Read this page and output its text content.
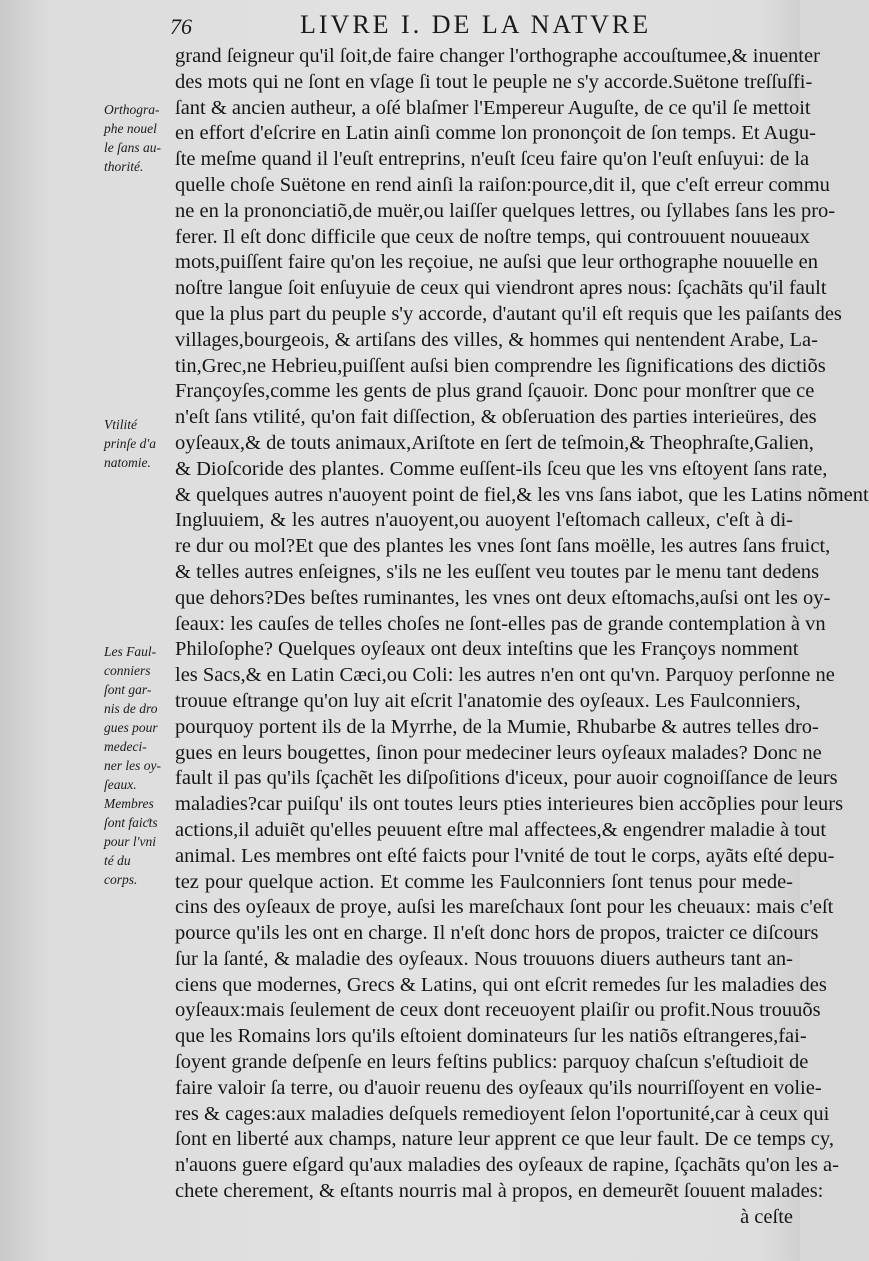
76	LIVRE I. DE LA NATVRE
Orthogra-
phe nouel
le ſans au-
thorité.
Vtilité
prinſe d'a
natomie.
Les Faul-
conniers
ſont gar-
nis de dro
gues pour
medeci-
ner les oy-
ſeaux.
Membres
ſont faiƈts
pour l'vni
té du
corps.
grand ſeigneur qu'il ſoit,de faire changer l'orthographe accouſtumee,& inuenter
des mots qui ne ſont en vſage ſi tout le peuple ne s'y accorde.Suëtone treſſuſfi-
ſant & ancien autheur, a oſé blaſmer l'Empereur Auguſte, de ce qu'il ſe mettoit
en effort d'eſcrire en Latin ainſi comme lon prononçoit de ſon temps. Et Augu-
ſte meſme quand il l'euſt entreprins, n'euſt ſceu faire qu'on l'euſt enſuyui: de la
quelle choſe Suëtone en rend ainſi la raiſon:pource,dit il, que c'eſt erreur commu
ne en la prononciatiõ,de muër,ou laiſſer quelques lettres, ou ſyllabes ſans les pro-
ferer. Il eſt donc difficile que ceux de noſtre temps, qui controuuent nouueaux
mots,puiſſent faire qu'on les reçoiue, ne auſsi que leur orthographe nouuelle en
noſtre langue ſoit enſuyuie de ceux qui viendront apres nous: ſçachãts qu'il fault
que la plus part du peuple s'y accorde, d'autant qu'il eſt requis que les paiſants des
villages,bourgeois, & artiſans des villes, & hommes qui nentendent Arabe, La-
tin,Grec,ne Hebrieu,puiſſent auſsi bien comprendre les ſignifications des dictiõs
Françoyſes,comme les gents de plus grand ſçauoir. Donc pour monſtrer que ce
n'eſt ſans vtilité, qu'on fait diſſection, & obſeruation des parties interieüres, des
oyſeaux,& de touts animaux,Ariſtote en ſert de teſmoin,& Theophraſte,Galien,
& Dioſcoride des plantes. Comme euſſent-ils ſceu que les vns eſtoyent ſans rate,
& quelques autres n'auoyent point de fiel,& les vns ſans iabot, que les Latins nõment
Ingluuiem, & les autres n'auoyent,ou auoyent l'eſtomach calleux, c'eſt à di-
re dur ou mol?Et que des plantes les vnes ſont ſans moëlle, les autres ſans fruict,
& telles autres enſeignes, s'ils ne les euſſent veu toutes par le menu tant dedens
que dehors?Des beſtes ruminantes, les vnes ont deux eſtomachs,auſsi ont les oy-
ſeaux: les cauſes de telles choſes ne ſont-elles pas de grande contemplation à vn
Philoſophe? Quelques oyſeaux ont deux inteſtins que les Françoys nomment
les Sacs,& en Latin Cæci,ou Coli: les autres n'en ont qu'vn. Parquoy perſonne ne
trouue eſtrange qu'on luy ait eſcrit l'anatomie des oyſeaux. Les Faulconniers,
pourquoy portent ils de la Myrrhe, de la Mumie, Rhubarbe & autres telles dro-
gues en leurs bougettes, ſinon pour medeciner leurs oyſeaux malades? Donc ne
fault il pas qu'ils ſçachẽt les diſpoſitions d'iceux, pour auoir cognoiſſance de leurs
maladies?car puiſqu' ils ont toutes leurs pties interieures bien accõplies pour leurs
actions,il aduiẽt qu'elles peuuent eſtre mal affectees,& engendrer maladie à tout
animal. Les membres ont eſté faicts pour l'vnité de tout le corps, ayãts eſté depu-
tez pour quelque action. Et comme les Faulconniers ſont tenus pour mede-
cins des oyſeaux de proye, auſsi les mareſchaux ſont pour les cheuaux: mais c'eſt
pource qu'ils les ont en charge. Il n'eſt donc hors de propos, traicter ce diſcours
ſur la ſanté, & maladie des oyſeaux. Nous trouuons diuers autheurs tant an-
ciens que modernes, Grecs & Latins, qui ont eſcrit remedes ſur les maladies des
oyſeaux:mais ſeulement de ceux dont receuoyent plaiſir ou profit.Nous trouuõs
que les Romains lors qu'ils eſtoient dominateurs ſur les natiõs eſtrangeres,fai-
ſoyent grande deſpenſe en leurs feſtins publics: parquoy chaſcun s'eſtudioit de
faire valoir ſa terre, ou d'auoir reuenu des oyſeaux qu'ils nourriſſoyent en volie-
res & cages:aux maladies deſquels remedioyent ſelon l'oportunité,car à ceux qui
ſont en liberté aux champs, nature leur apprent ce que leur fault. De ce temps cy,
n'auons guere eſgard qu'aux maladies des oyſeaux de rapine, ſçachãts qu'on les a-
chete cherement, & eſtants nourris mal à propos, en demeurẽt ſouuent malades:
à ceſte
